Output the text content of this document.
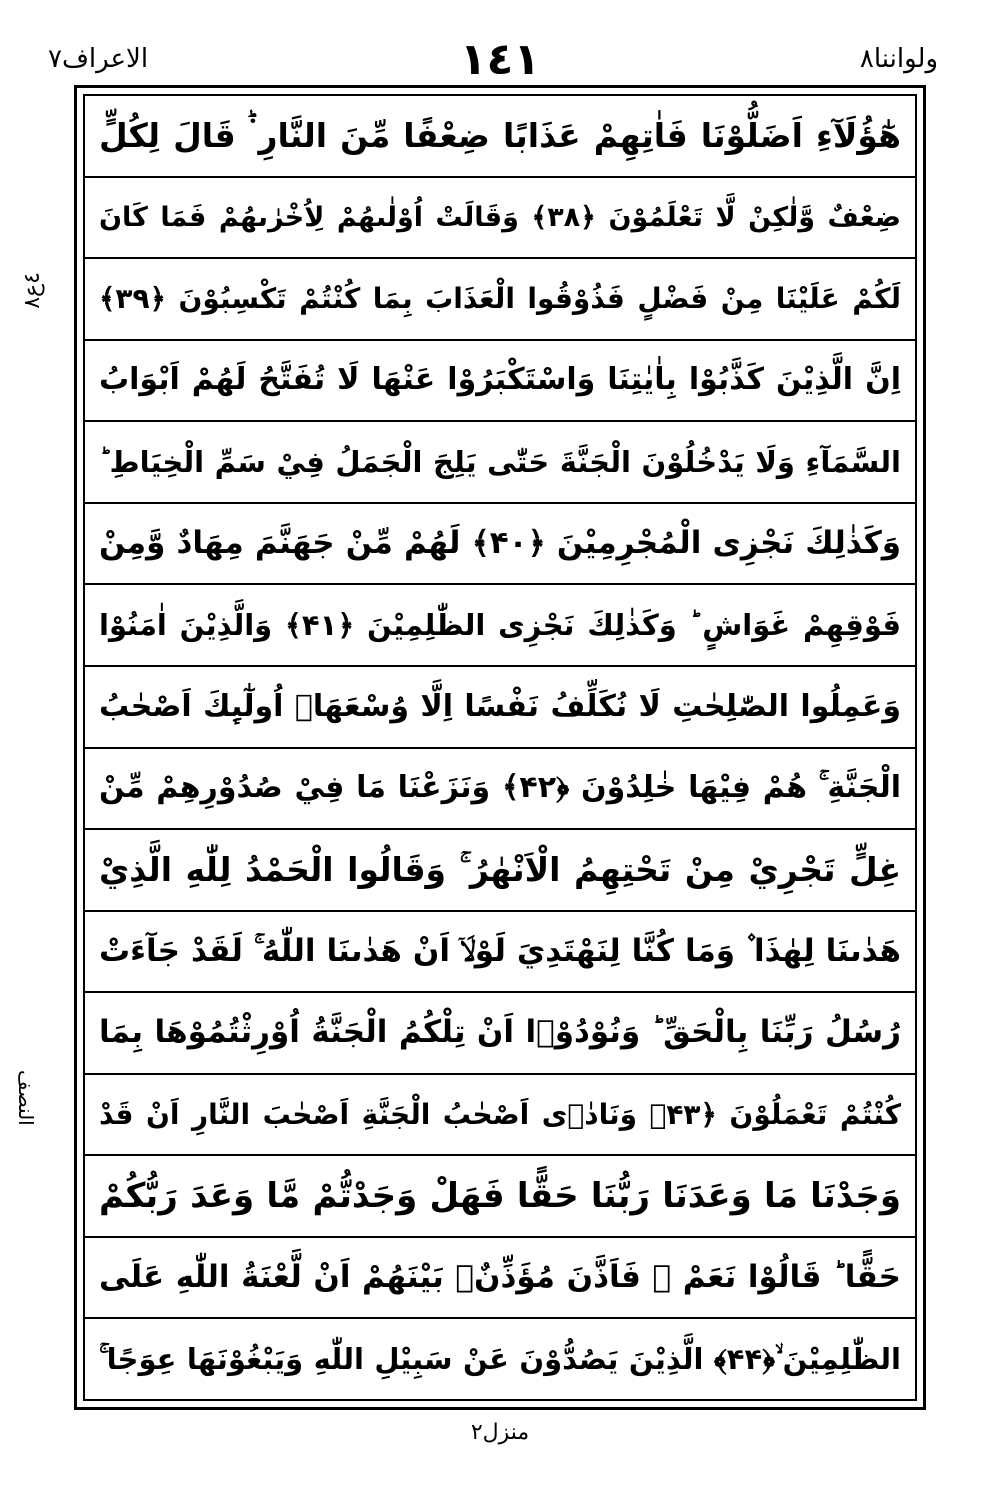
ولواننا٨
١٤١
الاعراف٧
٤ع٨
النصف
هٰٓؤُلَآءِ اَضَلُّوْنَا فَاٰتِهِمْ عَذَابًا ضِعْفًا مِّنَ النَّارِ ۬ؕ قَالَ لِكُلٍّ
ضِعْفٌ وَّلٰكِنْ لَّا تَعْلَمُوْنَ ﴿۳۸﴾ وَقَالَتْ اُوْلٰىهُمْ لِاُخْرٰىهُمْ فَمَا كَانَ
لَكُمْ عَلَيْنَا مِنْ فَضْلٍ فَذُوْقُوا الْعَذَابَ بِمَا كُنْتُمْ تَكْسِبُوْنَ ﴿۳۹﴾
اِنَّ الَّذِيْنَ كَذَّبُوْا بِاٰيٰتِنَا وَاسْتَكْبَرُوْا عَنْهَا لَا تُفَتَّحُ لَهُمْ اَبْوَابُ
السَّمَآءِ وَلَا يَدْخُلُوْنَ الْجَنَّةَ حَتّٰى يَلِجَ الْجَمَلُ فِيْ سَمِّ الْخِيَاطِ ؕ
وَكَذٰلِكَ نَجْزِى الْمُجْرِمِيْنَ ﴿۴۰﴾ لَهُمْ مِّنْ جَهَنَّمَ مِهَادٌ وَّمِنْ
فَوْقِهِمْ غَوَاشٍ ؕ وَكَذٰلِكَ نَجْزِى الظّٰلِمِيْنَ ﴿۴۱﴾ وَالَّذِيْنَ اٰمَنُوْا
وَعَمِلُوا الصّٰلِحٰتِ لَا نُكَلِّفُ نَفْسًا اِلَّا وُسْعَهَاۤ اُولٰٓىِٕكَ اَصْحٰبُ
الْجَنَّةِ ۚ هُمْ فِيْهَا خٰلِدُوْنَ ﴿۴۲﴾ وَنَزَعْنَا مَا فِيْ صُدُوْرِهِمْ مِّنْ
غِلٍّ تَجْرِيْ مِنْ تَحْتِهِمُ الْاَنْهٰرُ ۚ وَقَالُوا الْحَمْدُ لِلّٰهِ الَّذِيْ
هَدٰىنَا لِهٰذَا ۫ وَمَا كُنَّا لِنَهْتَدِيَ لَوْلَاۤ اَنْ هَدٰىنَا اللّٰهُ ۚ لَقَدْ جَآءَتْ
رُسُلُ رَبِّنَا بِالْحَقِّ ؕ وَنُوْدُوْۤا اَنْ تِلْكُمُ الْجَنَّةُ اُوْرِثْتُمُوْهَا بِمَا
كُنْتُمْ تَعْمَلُوْنَ ﴿۴۳﴾ وَنَادٰۤى اَصْحٰبُ الْجَنَّةِ اَصْحٰبَ النَّارِ اَنْ قَدْ
وَجَدْنَا مَا وَعَدَنَا رَبُّنَا حَقًّا فَهَلْ وَجَدْتُّمْ مَّا وَعَدَ رَبُّكُمْ
حَقًّا ؕ قَالُوْا نَعَمْ ۚ فَاَذَّنَ مُؤَذِّنٌۢ بَيْنَهُمْ اَنْ لَّعْنَةُ اللّٰهِ عَلَى
الظّٰلِمِيْنَ ۙ﴿۴۴﴾ الَّذِيْنَ يَصُدُّوْنَ عَنْ سَبِيْلِ اللّٰهِ وَيَبْغُوْنَهَا عِوَجًا ۚ
منزل٢
